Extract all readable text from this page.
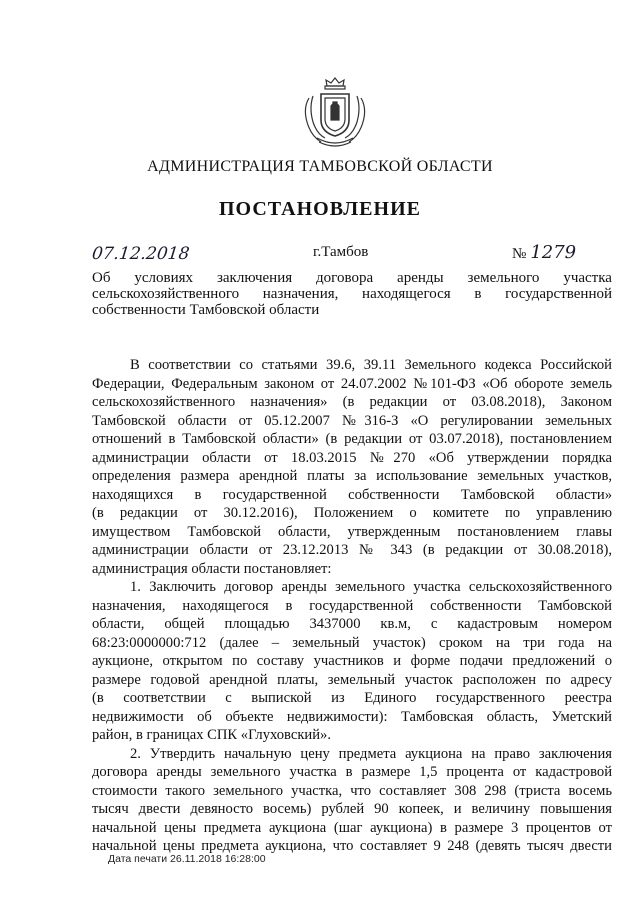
АДМИНИСТРАЦИЯ ТАМБОВСКОЙ ОБЛАСТИ
ПОСТАНОВЛЕНИЕ
07.12.2018	г.Тамбов	№ 1279
Об условиях заключения договора аренды земельного участка
сельскохозяйственного назначения, находящегося в государственной
собственности Тамбовской области
В соответствии со статьями 39.6, 39.11 Земельного кодекса Российской
Федерации, Федеральным законом от 24.07.2002 №101-ФЗ «Об обороте земель
сельскохозяйственного назначения» (в редакции от 03.08.2018), Законом
Тамбовской области от 05.12.2007 №316-З «О регулировании земельных
отношений в Тамбовской области» (в редакции от 03.07.2018), постановлением
администрации области от 18.03.2015 №270 «Об утверждении порядка
определения размера арендной платы за использование земельных участков,
находящихся в государственной собственности Тамбовской области»
(в редакции от 30.12.2016), Положением о комитете по управлению
имуществом Тамбовской области, утвержденным постановлением главы
администрации области от 23.12.2013 № 343 (в редакции от 30.08.2018),
администрация области постановляет:
1. Заключить договор аренды земельного участка сельскохозяйственного
назначения, находящегося в государственной собственности Тамбовской
области, общей площадью 3437000 кв.м, с кадастровым номером
68:23:0000000:712 (далее – земельный участок) сроком на три года на
аукционе, открытом по составу участников и форме подачи предложений о
размере годовой арендной платы, земельный участок расположен по адресу
(в соответствии с выпиской из Единого государственного реестра
недвижимости об объекте недвижимости): Тамбовская область, Уметский
район, в границах СПК «Глуховский».
2. Утвердить начальную цену предмета аукциона на право заключения
договора аренды земельного участка в размере 1,5 процента от кадастровой
стоимости такого земельного участка, что составляет 308 298 (триста восемь
тысяч двести девяносто восемь) рублей 90 копеек, и величину повышения
начальной цены предмета аукциона (шаг аукциона) в размере 3 процентов от
начальной цены предмета аукциона, что составляет 9 248 (девять тысяч двести
Дата печати 26.11.2018 16:28:00
